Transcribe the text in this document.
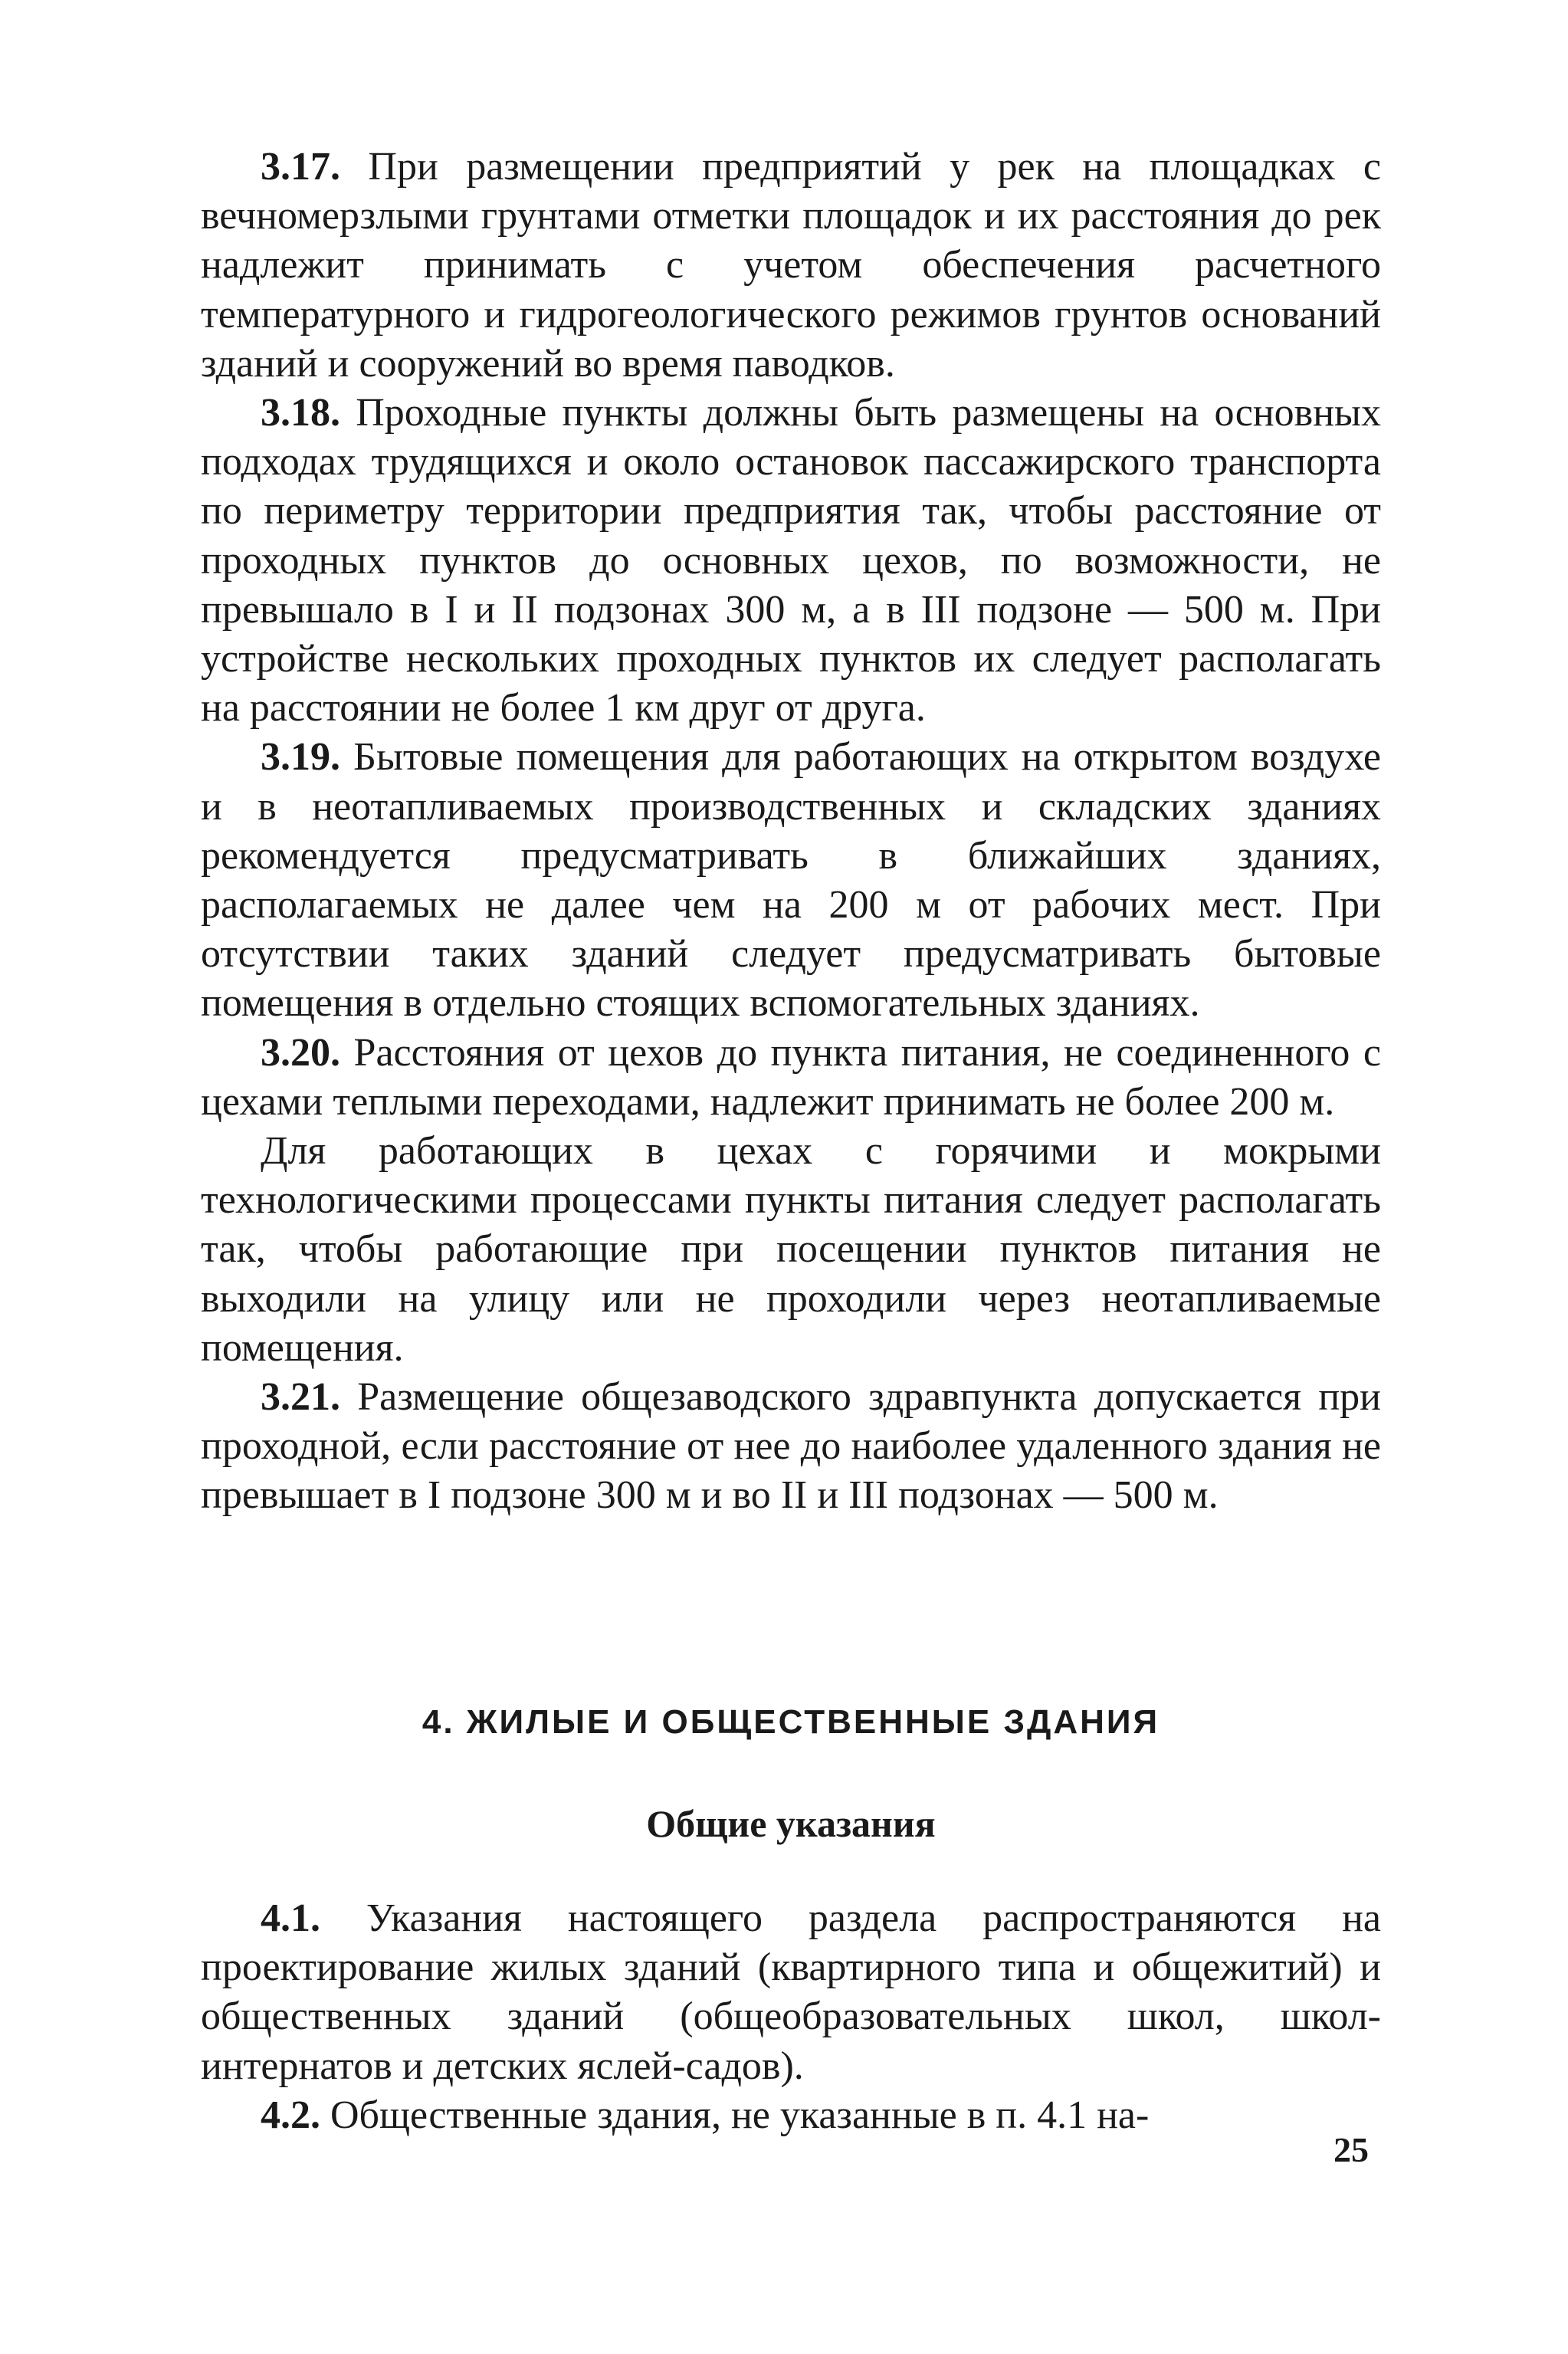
3.17. При размещении предприятий у рек на площадках с вечномерзлыми грунтами отметки площадок и их расстояния до рек надлежит принимать с учетом обеспечения расчетного температурного и гидрогеологического режимов грунтов оснований зданий и сооружений во время паводков.

3.18. Проходные пункты должны быть размещены на основных подходах трудящихся и около остановок пассажирского транспорта по периметру территории предприятия так, чтобы расстояние от проходных пунктов до основных цехов, по возможности, не превышало в I и II подзонах 300 м, а в III подзоне — 500 м. При устройстве нескольких проходных пунктов их следует располагать на расстоянии не более 1 км друг от друга.

3.19. Бытовые помещения для работающих на открытом воздухе и в неотапливаемых производственных и складских зданиях рекомендуется предусматривать в ближайших зданиях, располагаемых не далее чем на 200 м от рабочих мест. При отсутствии таких зданий следует предусматривать бытовые помещения в отдельно стоящих вспомогательных зданиях.

3.20. Расстояния от цехов до пункта питания, не соединенного с цехами теплыми переходами, надлежит принимать не более 200 м.

Для работающих в цехах с горячими и мокрыми технологическими процессами пункты питания следует располагать так, чтобы работающие при посещении пунктов питания не выходили на улицу или не проходили через неотапливаемые помещения.

3.21. Размещение общезаводского здравпункта допускается при проходной, если расстояние от нее до наиболее удаленного здания не превышает в I подзоне 300 м и во II и III подзонах — 500 м.

4. ЖИЛЫЕ И ОБЩЕСТВЕННЫЕ ЗДАНИЯ
Общие указания

4.1. Указания настоящего раздела распространяются на проектирование жилых зданий (квартирного типа и общежитий) и общественных зданий (общеобразовательных школ, школ-интернатов и детских яслей-садов).

4.2. Общественные здания, не указанные в п. 4.1 на-

25
